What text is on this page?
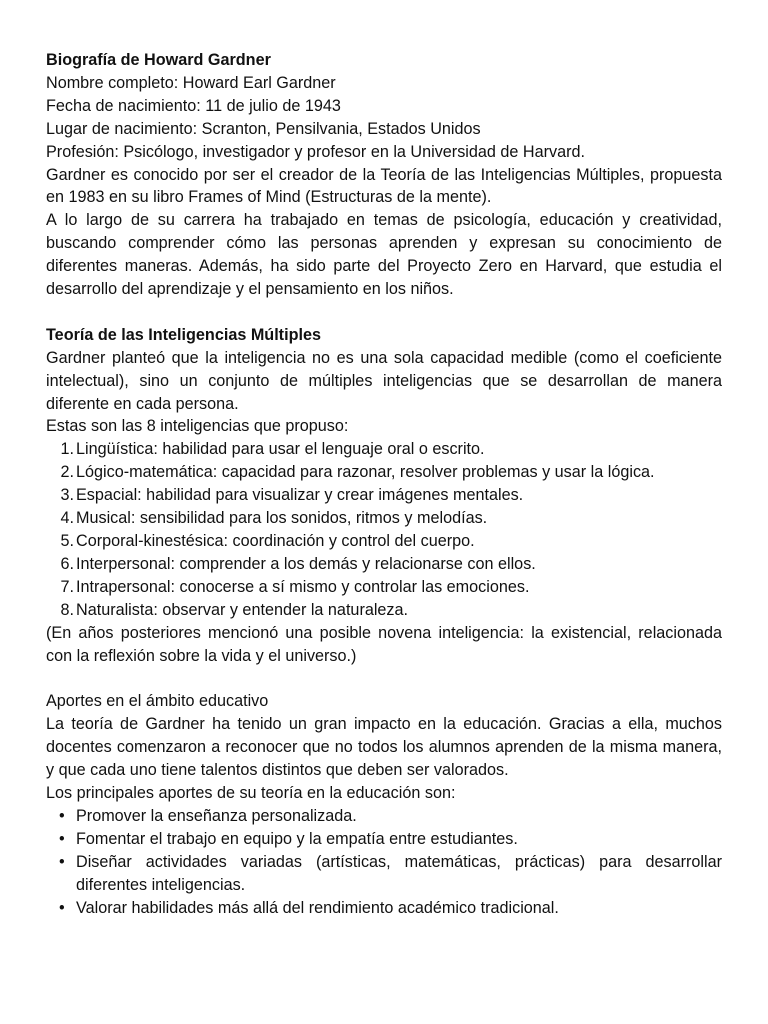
Biografía de Howard Gardner

Nombre completo: Howard Earl Gardner

Fecha de nacimiento: 11 de julio de 1943

Lugar de nacimiento: Scranton, Pensilvania, Estados Unidos

Profesión: Psicólogo, investigador y profesor en la Universidad de Harvard.

Gardner es conocido por ser el creador de la Teoría de las Inteligencias Múltiples, propuesta en 1983 en su libro Frames of Mind (Estructuras de la mente).

A lo largo de su carrera ha trabajado en temas de psicología, educación y creatividad, buscando comprender cómo las personas aprenden y expresan su conocimiento de diferentes maneras. Además, ha sido parte del Proyecto Zero en Harvard, que estudia el desarrollo del aprendizaje y el pensamiento en los niños.

Teoría de las Inteligencias Múltiples

Gardner planteó que la inteligencia no es una sola capacidad medible (como el coeficiente intelectual), sino un conjunto de múltiples inteligencias que se desarrollan de manera diferente en cada persona.

Estas son las 8 inteligencias que propuso:

1. Lingüística: habilidad para usar el lenguaje oral o escrito.
2. Lógico-matemática: capacidad para razonar, resolver problemas y usar la lógica.
3. Espacial: habilidad para visualizar y crear imágenes mentales.
4. Musical: sensibilidad para los sonidos, ritmos y melodías.
5. Corporal-kinestésica: coordinación y control del cuerpo.
6. Interpersonal: comprender a los demás y relacionarse con ellos.
7. Intrapersonal: conocerse a sí mismo y controlar las emociones.
8. Naturalista: observar y entender la naturaleza.

(En años posteriores mencionó una posible novena inteligencia: la existencial, relacionada con la reflexión sobre la vida y el universo.)

Aportes en el ámbito educativo

La teoría de Gardner ha tenido un gran impacto en la educación. Gracias a ella, muchos docentes comenzaron a reconocer que no todos los alumnos aprenden de la misma manera, y que cada uno tiene talentos distintos que deben ser valorados.

Los principales aportes de su teoría en la educación son:

• Promover la enseñanza personalizada.
• Fomentar el trabajo en equipo y la empatía entre estudiantes.
• Diseñar actividades variadas (artísticas, matemáticas, prácticas) para desarrollar diferentes inteligencias.
• Valorar habilidades más allá del rendimiento académico tradicional.
